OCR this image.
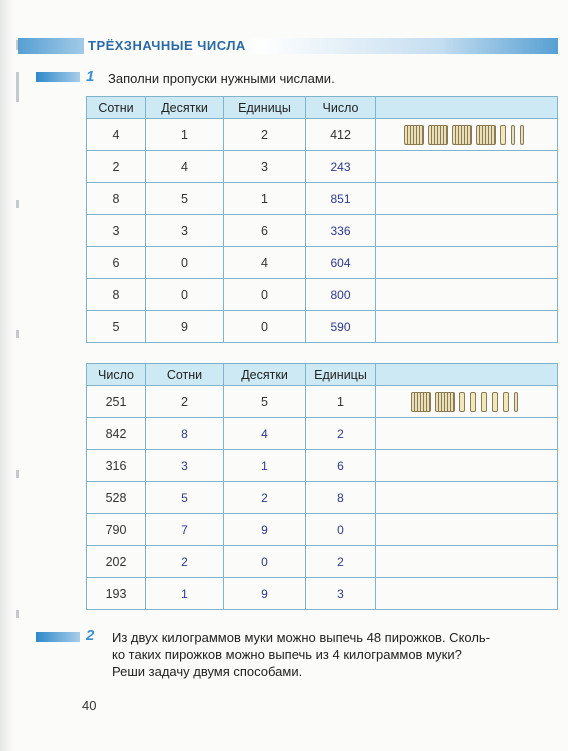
ТРЁХЗНАЧНЫЕ ЧИСЛА
1 Заполни пропуски нужными числами.
Сотни	Десятки	Единицы	Число	
4	1	2	412	
2	4	3	243	
8	5	1	851	
3	3	6	336	
6	0	4	604	
8	0	0	800	
5	9	0	590	
Число	Сотни	Десятки	Единицы	
251	2	5	1	
842	8	4	2	
316	3	1	6	
528	5	2	8	
790	7	9	0	
202	2	0	2	
193	1	9	3	
2 Из двух килограммов муки можно выпечь 48 пирожков. Сколь-
ко таких пирожков можно выпечь из 4 килограммов муки?
Реши задачу двумя способами.
40
